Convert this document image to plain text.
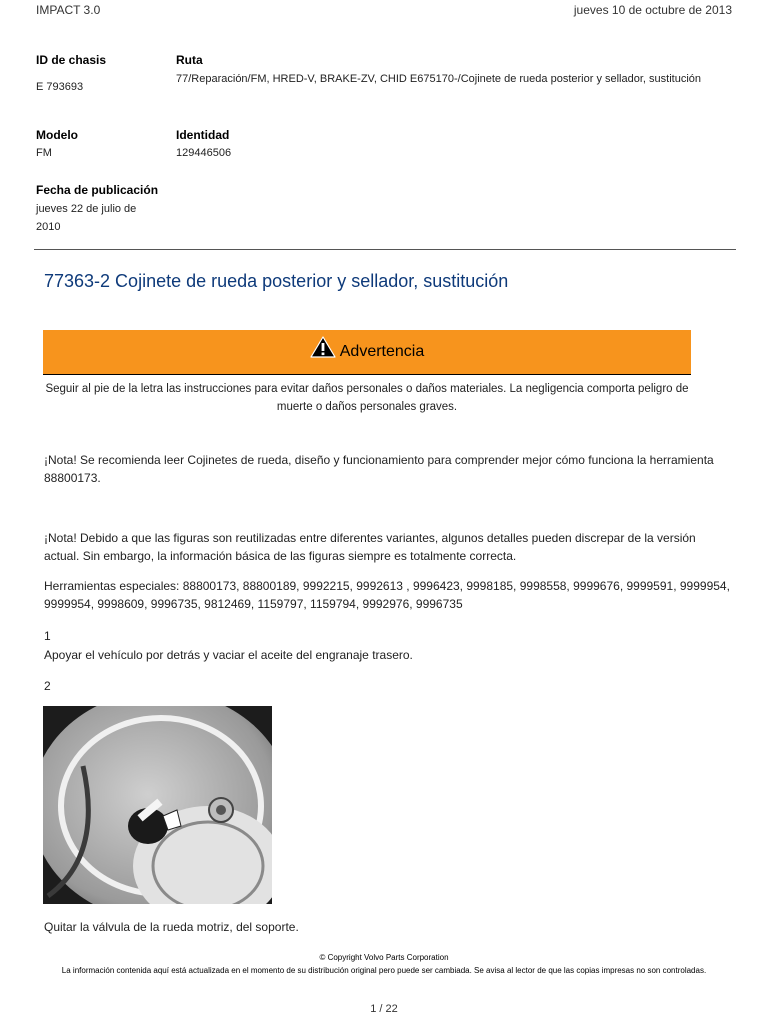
IMPACT 3.0	jueves 10 de octubre de 2013
ID de chasis
E 793693
Ruta
77/Reparación/FM, HRED-V, BRAKE-ZV, CHID E675170-/Cojinete de rueda posterior y sellador, sustitución
Modelo
FM
Identidad
129446506
Fecha de publicación
jueves 22 de julio de 2010
77363-2 Cojinete de rueda posterior y sellador, sustitución
Advertencia
Seguir al pie de la letra las instrucciones para evitar daños personales o daños materiales. La negligencia comporta peligro de muerte o daños personales graves.
¡Nota! Se recomienda leer Cojinetes de rueda, diseño y funcionamiento para comprender mejor cómo funciona la herramienta 88800173.
¡Nota! Debido a que las figuras son reutilizadas entre diferentes variantes, algunos detalles pueden discrepar de la versión actual. Sin embargo, la información básica de las figuras siempre es totalmente correcta.
Herramientas especiales: 88800173, 88800189, 9992215, 9992613 , 9996423, 9998185, 9998558, 9999676, 9999591, 9999954, 9999954, 9998609, 9996735, 9812469, 1159797, 1159794, 9992976, 9996735
1
Apoyar el vehículo por detrás y vaciar el aceite del engranaje trasero.
2
Quitar la válvula de la rueda motriz, del soporte.
© Copyright Volvo Parts Corporation
La información contenida aquí está actualizada en el momento de su distribución original pero puede ser cambiada. Se avisa al lector de que las copias impresas no son controladas.
1 / 22
